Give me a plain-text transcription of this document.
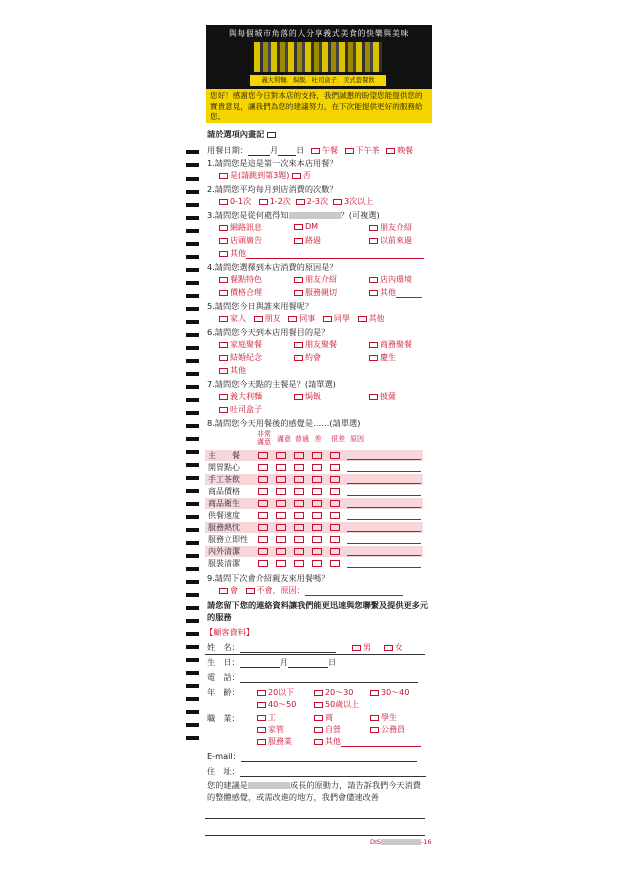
與每個城市角落的人分享義式美食的快樂與美味
義大利麵．焗飯．吐司盒子．美式套餐飲
您好！感謝您今日對本店的支持，我們誠懇的盼望您能提供您的寶貴意見，讓我們為您的建議努力，在下次能提供更好的服務給您。
請於選項內畫記
用餐日期：	月 日 午餐 下午茶 晚餐
1.請問您是這是第一次來本店用餐？
是(請跳到第3題) 否
2.請問您平均每月到店消費的次數？
0-1次 1-2次 2-3次 3次以上
3.請問您是從何處得知	？(可複選)
網路訊息	DM	朋友介紹
店頭廣告	路過	以前來過
其他
4.請問您選擇到本店消費的原因是？
餐點特色	朋友介紹	店內環境
價格合理	服務親切	其他
5.請問您今日與誰來用餐呢？
家人 朋友 同事 同學 其他
6.請問您今天到本店用餐目的是？
家庭聚餐	朋友聚餐	商務聚餐
結婚紀念	約會	慶生
其他
7.請問您今天點的主餐是？(請單選)
義大利麵	焗飯	披薩
吐司盒子
8.請問您今天用餐後的感覺是……(請單選)
非常滿意 滿意 普通 差	很差 原因
主　　餐
開胃點心
手工茶飲
商品價格
商品衛生
供餐速度
服務熱忱
服務立即性
內外清潔
服裝清潔
9.請問下次會介紹親友來用餐嗎？
會 不會，原因：
請您留下您的連絡資料讓我們能更迅速與您聯繫及提供更多元的服務
【顧客資料】
姓　名：	男	女
生　日：	月	日
電　話：
年　齡：	20以下	20～30	30～40
40～50	50歲以上
職　業：	工	商	學生
家管	自營	公務員
服務業	其他
E-mail：
住　址：
您的建議是	成長的原動力，請告訴我們今天消費的整體感覺，或需改進的地方，我們會儘速改善
DIS	-16
